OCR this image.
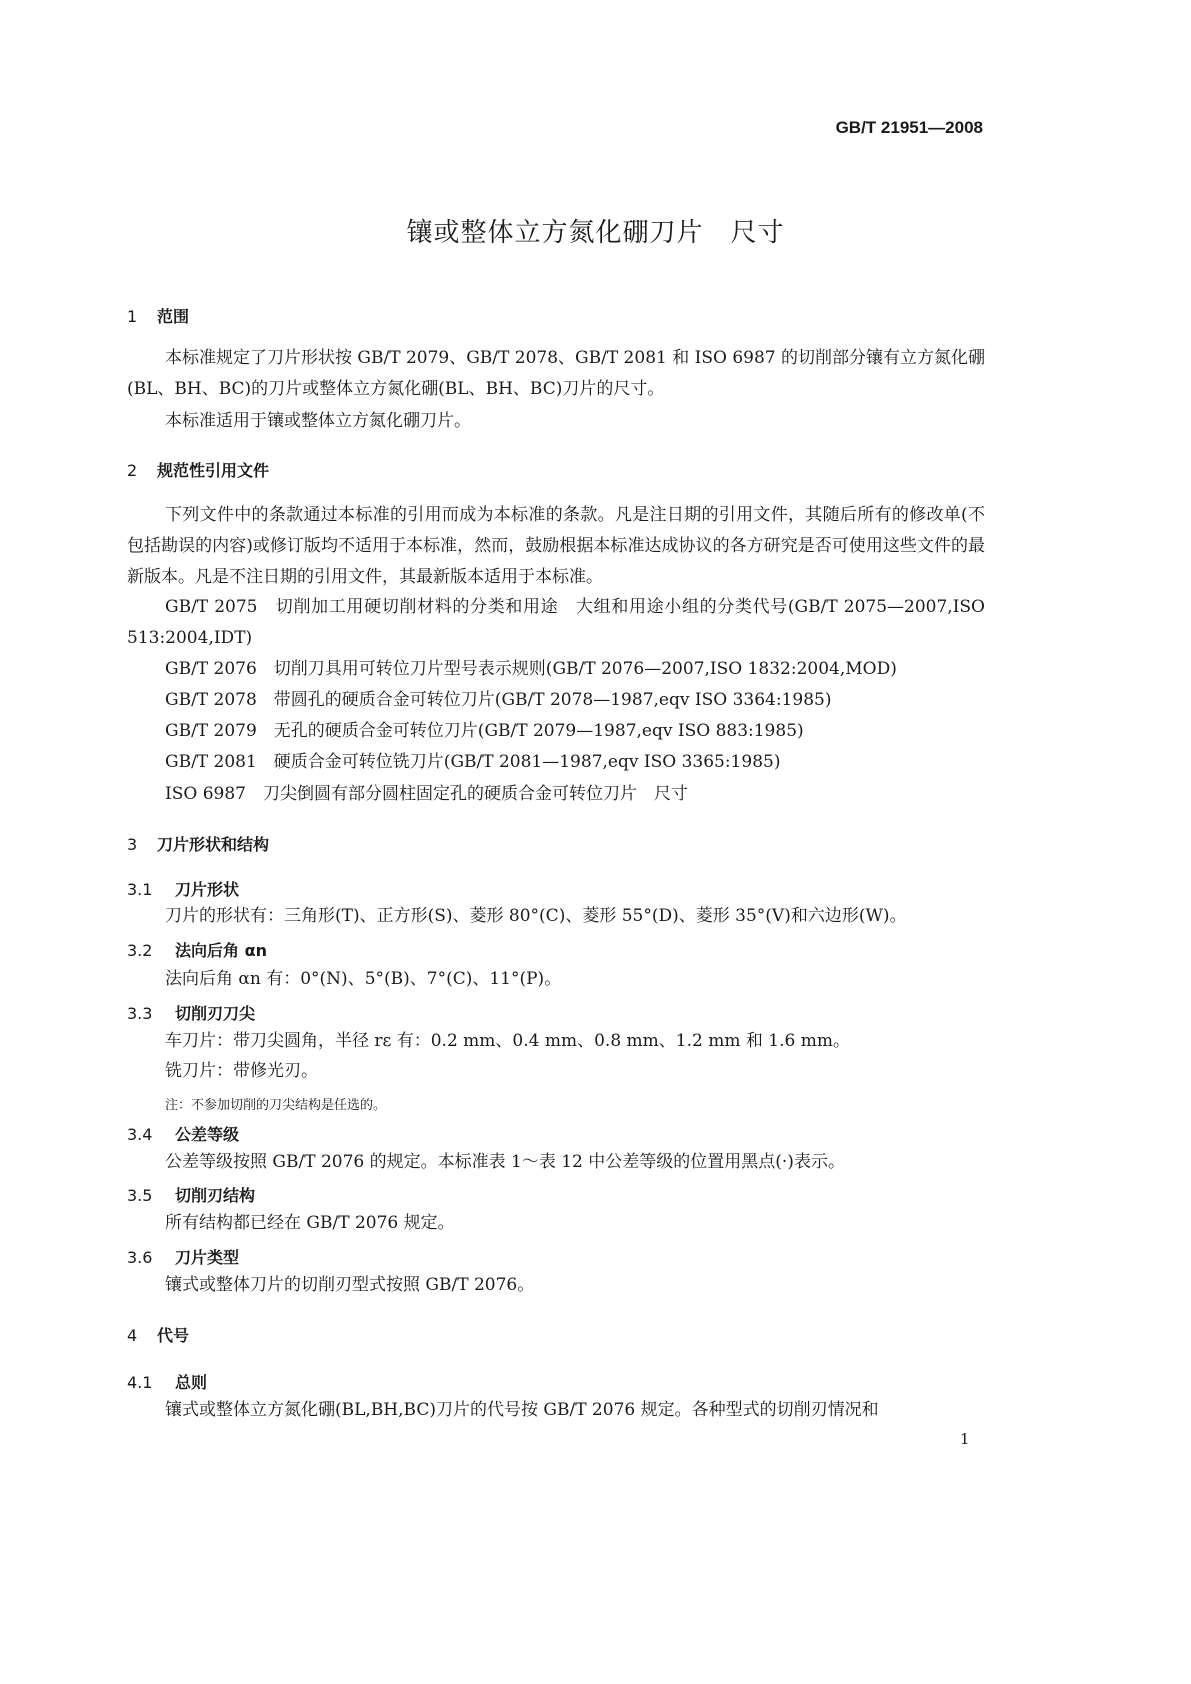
GB/T 21951—2008
镶或整体立方氮化硼刀片　尺寸
1 范围
本标准规定了刀片形状按 GB/T 2079、GB/T 2078、GB/T 2081 和 ISO 6987 的切削部分镶有立方氮化硼(BL、BH、BC)的刀片或整体立方氮化硼(BL、BH、BC)刀片的尺寸。
本标准适用于镶或整体立方氮化硼刀片。
2 规范性引用文件
下列文件中的条款通过本标准的引用而成为本标准的条款。凡是注日期的引用文件，其随后所有的修改单(不包括勘误的内容)或修订版均不适用于本标准，然而，鼓励根据本标准达成协议的各方研究是否可使用这些文件的最新版本。凡是不注日期的引用文件，其最新版本适用于本标准。
GB/T 2075　切削加工用硬切削材料的分类和用途　大组和用途小组的分类代号(GB/T 2075—2007,ISO 513:2004,IDT)
GB/T 2076　切削刀具用可转位刀片型号表示规则(GB/T 2076—2007,ISO 1832:2004,MOD)
GB/T 2078　带圆孔的硬质合金可转位刀片(GB/T 2078—1987,eqv ISO 3364:1985)
GB/T 2079　无孔的硬质合金可转位刀片(GB/T 2079—1987,eqv ISO 883:1985)
GB/T 2081　硬质合金可转位铣刀片(GB/T 2081—1987,eqv ISO 3365:1985)
ISO 6987　刀尖倒圆有部分圆柱固定孔的硬质合金可转位刀片　尺寸
3 刀片形状和结构
3.1 刀片形状
刀片的形状有：三角形(T)、正方形(S)、菱形 80°(C)、菱形 55°(D)、菱形 35°(V)和六边形(W)。
3.2 法向后角 αn
法向后角 αn 有：0°(N)、5°(B)、7°(C)、11°(P)。
3.3 切削刃刀尖
车刀片：带刀尖圆角，半径 rε 有：0.2 mm、0.4 mm、0.8 mm、1.2 mm 和 1.6 mm。
铣刀片：带修光刃。
注：不参加切削的刀尖结构是任选的。
3.4 公差等级
公差等级按照 GB/T 2076 的规定。本标准表 1～表 12 中公差等级的位置用黑点(·)表示。
3.5 切削刃结构
所有结构都已经在 GB/T 2076 规定。
3.6 刀片类型
镶式或整体刀片的切削刃型式按照 GB/T 2076。
4 代号
4.1 总则
镶式或整体立方氮化硼(BL,BH,BC)刀片的代号按 GB/T 2076 规定。各种型式的切削刃情况和
1
